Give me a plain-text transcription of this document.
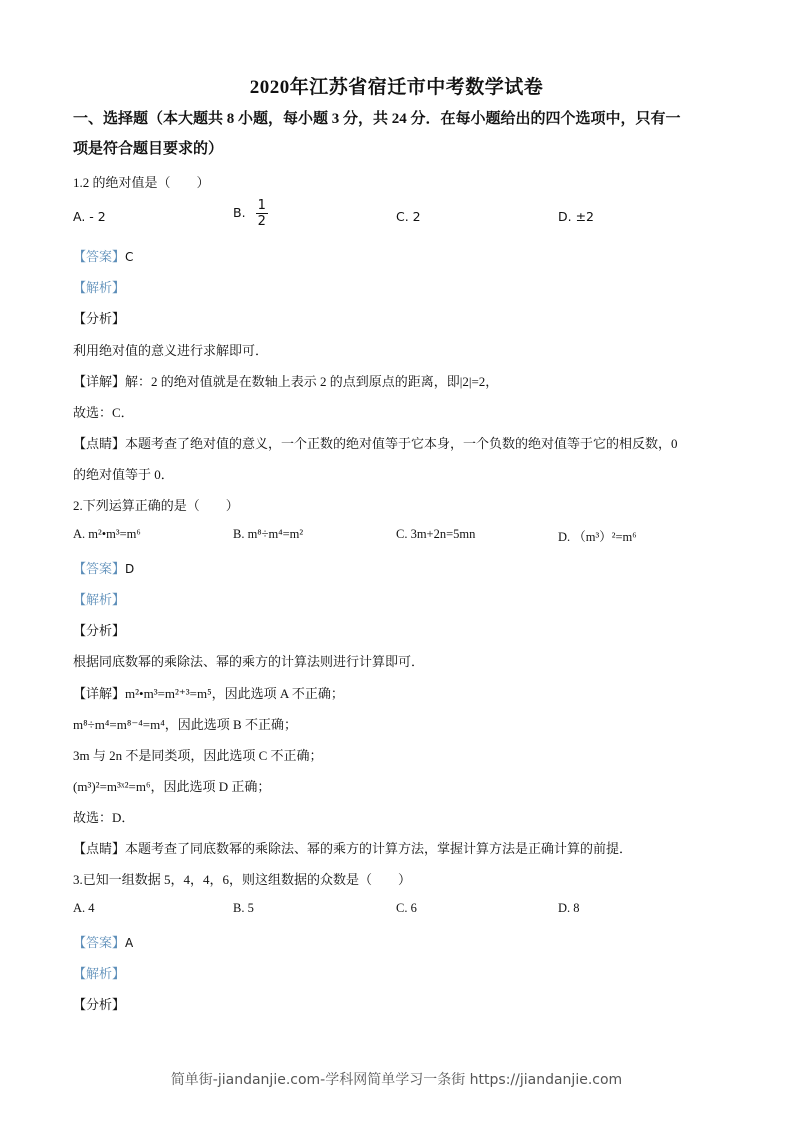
2020年江苏省宿迁市中考数学试卷
一、选择题（本大题共 8 小题，每小题 3 分，共 24 分．在每小题给出的四个选项中，只有一
项是符合题目要求的）
1.2 的绝对值是（　　）
A. - 2	B. $\frac{1}{2}$	C. 2	D. ±2
【答案】C
【解析】
【分析】
利用绝对值的意义进行求解即可．
【详解】解：2 的绝对值就是在数轴上表示 2 的点到原点的距离，即|2|=2，
故选：C．
【点睛】本题考查了绝对值的意义，一个正数的绝对值等于它本身，一个负数的绝对值等于它的相反数，0
的绝对值等于 0．
2.下列运算正确的是（　　）
A. m²•m³=m⁶	B. m⁸÷m⁴=m²	C. 3m+2n=5mn	D. （m³）²=m⁶
【答案】D
【解析】
【分析】
根据同底数幂的乘除法、幂的乘方的计算法则进行计算即可．
【详解】m²•m³=m²⁺³=m⁵，因此选项 A 不正确；
m⁸÷m⁴=m⁸⁻⁴=m⁴，因此选项 B 不正确；
3m 与 2n 不是同类项，因此选项 C 不正确；
(m³)²=m³ˣ²=m⁶，因此选项 D 正确；
故选：D．
【点睛】本题考查了同底数幂的乘除法、幂的乘方的计算方法，掌握计算方法是正确计算的前提．
3.已知一组数据 5，4，4，6，则这组数据的众数是（　　）
A. 4	B. 5	C. 6	D. 8
【答案】A
【解析】
【分析】
简单街-jiandanjie.com-学科网简单学习一条街 https://jiandanjie.com
